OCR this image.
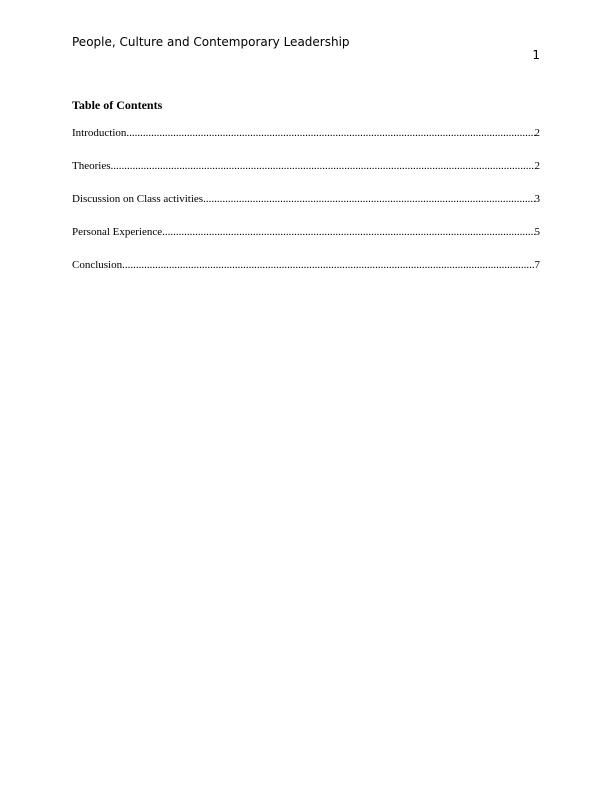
People, Culture and Contemporary Leadership
1
Table of Contents
Introduction .....	2
Theories .....	2
Discussion on Class activities .....	3
Personal Experience .....	5
Conclusion .....	7
